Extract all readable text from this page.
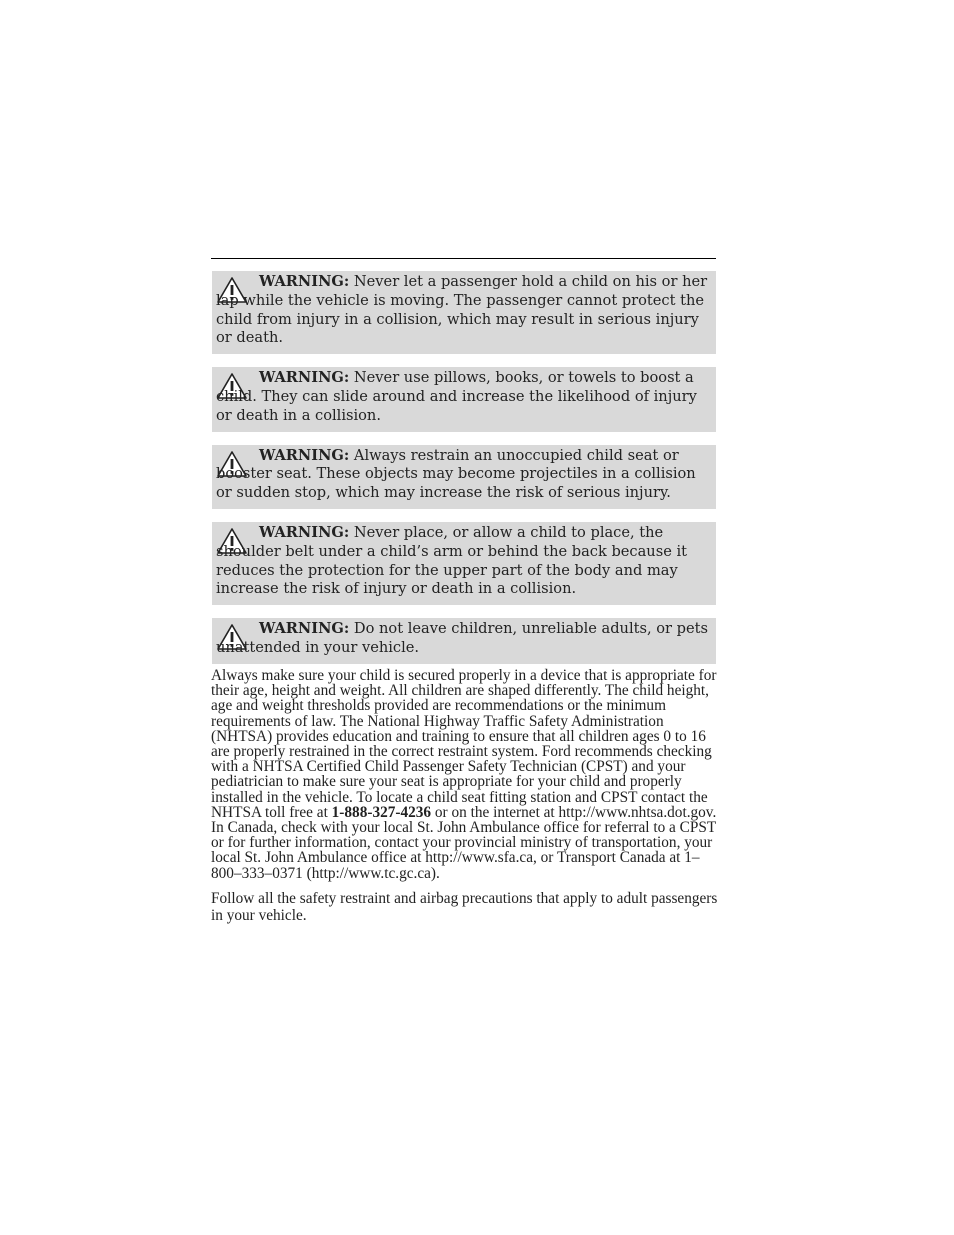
WARNING: Never let a passenger hold a child on his or her lap while the vehicle is moving. The passenger cannot protect the child from injury in a collision, which may result in serious injury or death.
WARNING: Never use pillows, books, or towels to boost a child. They can slide around and increase the likelihood of injury or death in a collision.
WARNING: Always restrain an unoccupied child seat or booster seat. These objects may become projectiles in a collision or sudden stop, which may increase the risk of serious injury.
WARNING: Never place, or allow a child to place, the shoulder belt under a child’s arm or behind the back because it reduces the protection for the upper part of the body and may increase the risk of injury or death in a collision.
WARNING: Do not leave children, unreliable adults, or pets unattended in your vehicle.

Always make sure your child is secured properly in a device that is appropriate for their age, height and weight. All children are shaped differently. The child height, age and weight thresholds provided are recommendations or the minimum requirements of law. The National Highway Traffic Safety Administration (NHTSA) provides education and training to ensure that all children ages 0 to 16 are properly restrained in the correct restraint system. Ford recommends checking with a NHTSA Certified Child Passenger Safety Technician (CPST) and your pediatrician to make sure your seat is appropriate for your child and properly installed in the vehicle. To locate a child seat fitting station and CPST contact the NHTSA toll free at 1-888-327-4236 or on the internet at http://www.nhtsa.dot.gov. In Canada, check with your local St. John Ambulance office for referral to a CPST or for further information, contact your provincial ministry of transportation, your local St. John Ambulance office at http://www.sfa.ca, or Transport Canada at 1–800–333–0371 (http://www.tc.gc.ca).

Follow all the safety restraint and airbag precautions that apply to adult passengers in your vehicle.
